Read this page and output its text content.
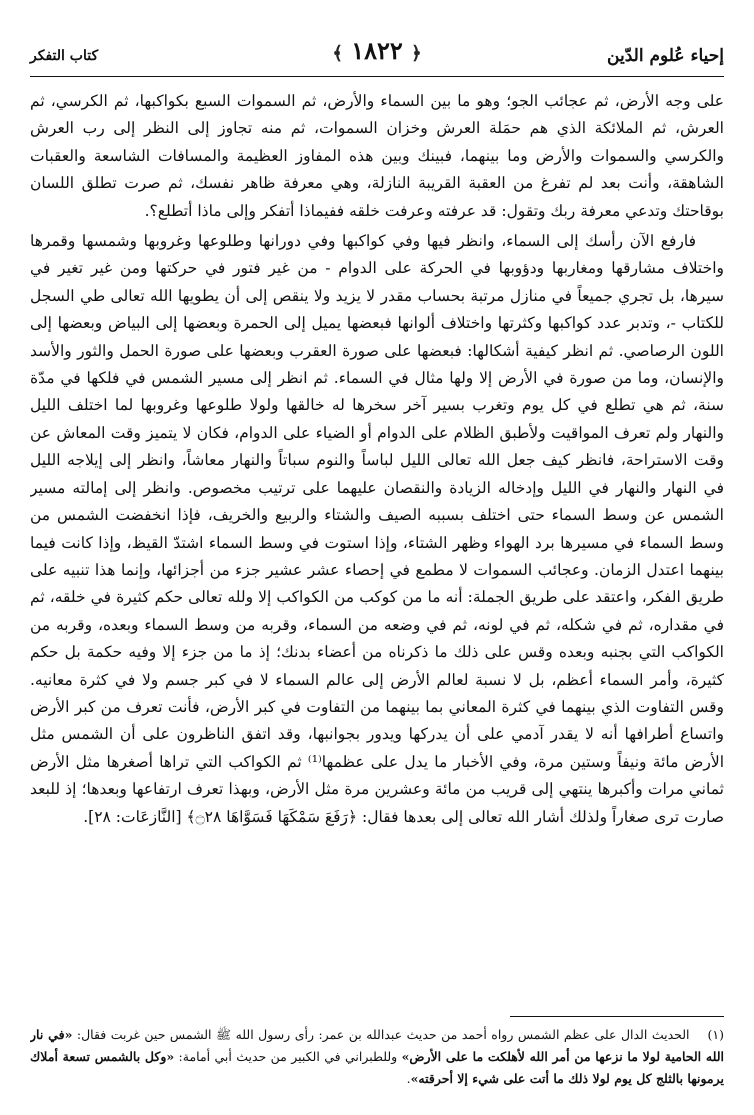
إحياء عُلوم الدّين
﴾ ١٨٢٢ ﴿
كتاب التفكر

على وجه الأرض، ثم عجائب الجو؛ وهو ما بين السماء والأرض، ثم السموات السبع بكواكبها، ثم الكرسي، ثم العرش، ثم الملائكة الذي هم حمَلة العرش وخزان السموات، ثم منه تجاوز إلى النظر إلى رب العرش والكرسي والسموات والأرض وما بينهما، فبينك وبين هذه المفاوز العظيمة والمسافات الشاسعة والعقبات الشاهقة، وأنت بعد لم تفرغ من العقبة القريبة النازلة، وهي معرفة ظاهر نفسك، ثم صرت تطلق اللسان بوقاحتك وتدعي معرفة ربك وتقول: قد عرفته وعرفت خلقه ففيماذا أتفكر وإلى ماذا أتطلع؟.

فارفع الآن رأسك إلى السماء، وانظر فيها وفي كواكبها وفي دورانها وطلوعها وغروبها وشمسها وقمرها واختلاف مشارقها ومغاربها ودؤوبها في الحركة على الدوام - من غير فتور في حركتها ومن غير تغير في سيرها، بل تجري جميعاً في منازل مرتبة بحساب مقدر لا يزيد ولا ينقص إلى أن يطويها الله تعالى طي السجل للكتاب -، وتدبر عدد كواكبها وكثرتها واختلاف ألوانها فبعضها يميل إلى الحمرة وبعضها إلى البياض وبعضها إلى اللون الرصاصي. ثم انظر كيفية أشكالها: فبعضها على صورة العقرب وبعضها على صورة الحمل والثور والأسد والإنسان، وما من صورة في الأرض إلا ولها مثال في السماء. ثم انظر إلى مسير الشمس في فلكها في مدّة سنة، ثم هي تطلع في كل يوم وتغرب بسير آخر سخرها له خالقها ولولا طلوعها وغروبها لما اختلف الليل والنهار ولم تعرف المواقيت ولأطبق الظلام على الدوام أو الضياء على الدوام، فكان لا يتميز وقت المعاش عن وقت الاستراحة، فانظر كيف جعل الله تعالى الليل لباساً والنوم سباتاً والنهار معاشاً، وانظر إلى إيلاجه الليل في النهار والنهار في الليل وإدخاله الزيادة والنقصان عليهما على ترتيب مخصوص. وانظر إلى إمالته مسير الشمس عن وسط السماء حتى اختلف بسببه الصيف والشتاء والربيع والخريف، فإذا انخفضت الشمس من وسط السماء في مسيرها برد الهواء وظهر الشتاء، وإذا استوت في وسط السماء اشتدّ القيظ، وإذا كانت فيما بينهما اعتدل الزمان. وعجائب السموات لا مطمع في إحصاء عشر عشير جزء من أجزائها، وإنما هذا تنبيه على طريق الفكر، واعتقد على طريق الجملة: أنه ما من كوكب من الكواكب إلا ولله تعالى حكم كثيرة في خلقه، ثم في مقداره، ثم في شكله، ثم في لونه، ثم في وضعه من السماء، وقربه من وسط السماء وبعده، وقربه من الكواكب التي بجنبه وبعده وقس على ذلك ما ذكرناه من أعضاء بدنك؛ إذ ما من جزء إلا وفيه حكمة بل حكم كثيرة، وأمر السماء أعظم، بل لا نسبة لعالم الأرض إلى عالم السماء لا في كبر جسم ولا في كثرة معانيه. وقس التفاوت الذي بينهما في كثرة المعاني بما بينهما من التفاوت في كبر الأرض، فأنت تعرف من كبر الأرض واتساع أطرافها أنه لا يقدر آدمي على أن يدركها ويدور بجوانبها، وقد اتفق الناظرون على أن الشمس مثل الأرض مائة ونيفاً وستين مرة، وفي الأخبار ما يدل على عظمها⁽¹⁾ ثم الكواكب التي تراها أصغرها مثل الأرض ثماني مرات وأكبرها ينتهي إلى قريب من مائة وعشرين مرة مثل الأرض، وبهذا تعرف ارتفاعها وبعدها؛ إذ للبعد صارت ترى صغاراً ولذلك أشار الله تعالى إلى بعدها فقال: ﴿رَفَعَ سَمْكَهَا فَسَوَّاهَا ۝٢٨﴾ [النَّازعَات: ٢٨].

(١)الحديث الدال على عظم الشمس رواه أحمد من حديث عبدالله بن عمر: رأى رسول الله ﷺ الشمس حين غربت فقال: «في نار الله الحامية لولا ما نزعها من أمر الله لأهلكت ما على الأرض» وللطبراني في الكبير من حديث أبي أمامة: «وكل بالشمس تسعة أملاك يرمونها بالثلج كل يوم لولا ذلك ما أتت على شيء إلا أحرقته».
